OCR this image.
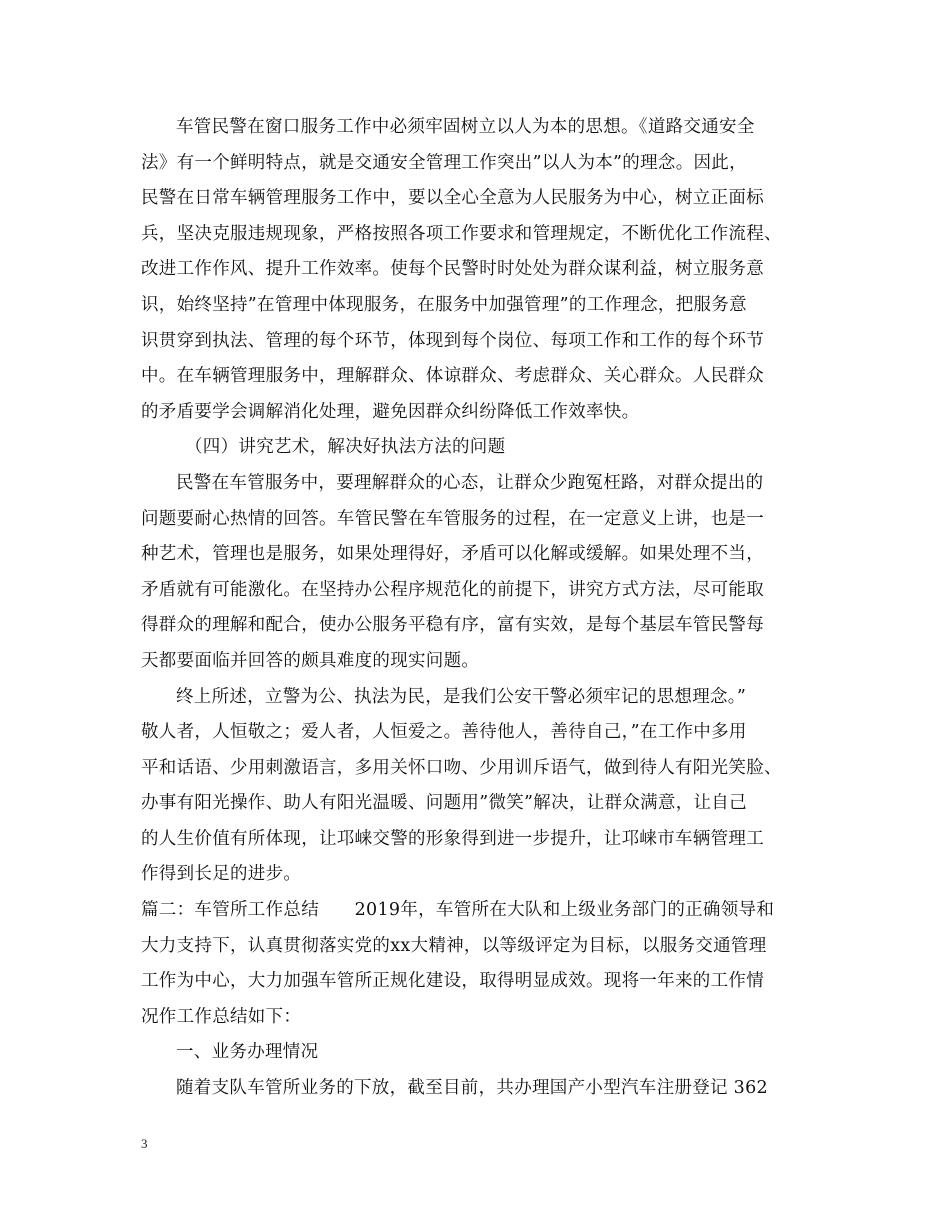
车管民警在窗口服务工作中必须牢固树立以人为本的思想。《道路交通安全
法》有一个鲜明特点，就是交通安全管理工作突出”以人为本”的理念。因此，
民警在日常车辆管理服务工作中，要以全心全意为人民服务为中心，树立正面标
兵，坚决克服违规现象，严格按照各项工作要求和管理规定，不断优化工作流程、
改进工作作风、提升工作效率。使每个民警时时处处为群众谋利益，树立服务意
识，始终坚持”在管理中体现服务，在服务中加强管理”的工作理念，把服务意
识贯穿到执法、管理的每个环节，体现到每个岗位、每项工作和工作的每个环节
中。在车辆管理服务中，理解群众、体谅群众、考虑群众、关心群众。人民群众
的矛盾要学会调解消化处理，避免因群众纠纷降低工作效率快。
（四）讲究艺术，解决好执法方法的问题
民警在车管服务中，要理解群众的心态，让群众少跑冤枉路，对群众提出的
问题要耐心热情的回答。车管民警在车管服务的过程，在一定意义上讲，也是一
种艺术，管理也是服务，如果处理得好，矛盾可以化解或缓解。如果处理不当，
矛盾就有可能激化。在坚持办公程序规范化的前提下，讲究方式方法，尽可能取
得群众的理解和配合，使办公服务平稳有序，富有实效，是每个基层车管民警每
天都要面临并回答的颇具难度的现实问题。
终上所述，立警为公、执法为民，是我们公安干警必须牢记的思想理念。”
敬人者，人恒敬之；爱人者，人恒爱之。善待他人，善待自己，”在工作中多用
平和话语、少用刺激语言，多用关怀口吻、少用训斥语气，做到待人有阳光笑脸、
办事有阳光操作、助人有阳光温暖、问题用”微笑”解决，让群众满意，让自己
的人生价值有所体现，让邛崃交警的形象得到进一步提升，让邛崃市车辆管理工
作得到长足的进步。
篇二：车管所工作总结　　2019年，车管所在大队和上级业务部门的正确领导和
大力支持下，认真贯彻落实党的xx大精神，以等级评定为目标，以服务交通管理
工作为中心，大力加强车管所正规化建设，取得明显成效。现将一年来的工作情
况作工作总结如下：
一、业务办理情况
随着支队车管所业务的下放，截至目前，共办理国产小型汽车注册登记 362
3
